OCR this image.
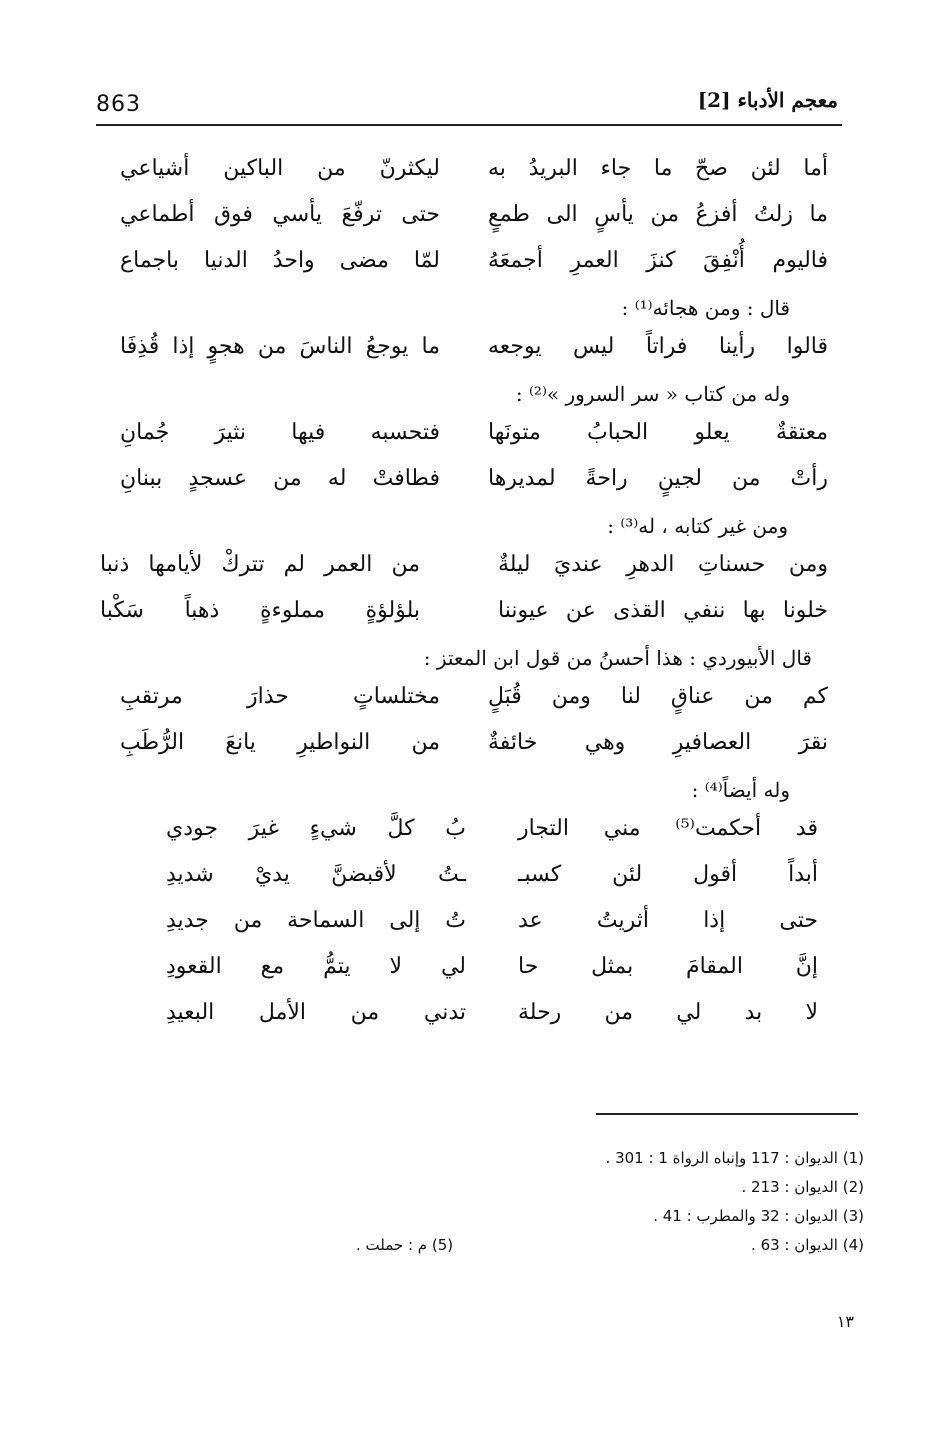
863	معجم الأدباء [2]
أما لئن صحّ ما جاء البريدُ به
ليكثرنّ من الباكين أشياعي
ما زلتُ أفزعُ من يأسٍ الى طمعٍ
حتى ترفّعَ يأسي فوق أطماعي
فاليوم أُنْفِقَ كنزَ العمرِ أجمعَهُ
لمّا مضى واحدُ الدنيا باجماع
قال : ومن هجائه⁽¹⁾ :
قالوا رأينا فراتاً ليس يوجعه
ما يوجعُ الناسَ من هجوٍ إذا قُذِفَا
وله من كتاب « سر السرور »⁽²⁾ :
معتقةٌ يعلو الحبابُ متونَها
فتحسبه فيها نثيرَ جُمانِ
رأتْ من لجينٍ راحةً لمديرها
فطافتْ له من عسجدٍ ببنانِ
ومن غير كتابه ، له⁽³⁾ :
ومن حسناتِ الدهرِ عنديَ ليلةٌ
من العمر لم تتركْ لأيامها ذنبا
خلونا بها ننفي القذى عن عيوننا
بلؤلؤةٍ مملوءةٍ ذهباً سَكْبا
قال الأبيوردي : هذا أحسنُ من قول ابن المعتز :
كم من عناقٍ لنا ومن قُبَلٍ
مختلساتٍ حذارَ مرتقبِ
نقرَ العصافيرِ وهي خائفةٌ
من النواطيرِ يانعَ الرُّطَبِ
وله أيضاً⁽⁴⁾ :
قد أحكمت⁽⁵⁾ مني التجار
بُ كلَّ شيءٍ غيرَ جودي
أبداً أقول لئن كسبـ
ـتُ لأقبضنَّ يديْ شديدِ
حتى إذا أثريتُ عد
تُ إلى السماحة من جديدِ
إنَّ المقامَ بمثل حا
لي لا يتمُّ مع القعودِ
لا بد لي من رحلة
تدني من الأمل البعيدِ
(1) الديوان : 117 وإنباه الرواة 1 : 301 .
(2) الديوان : 213 .
(3) الديوان : 32 والمطرب : 41 .
(4) الديوان : 63 .
(5) م : حملت .
١٣
